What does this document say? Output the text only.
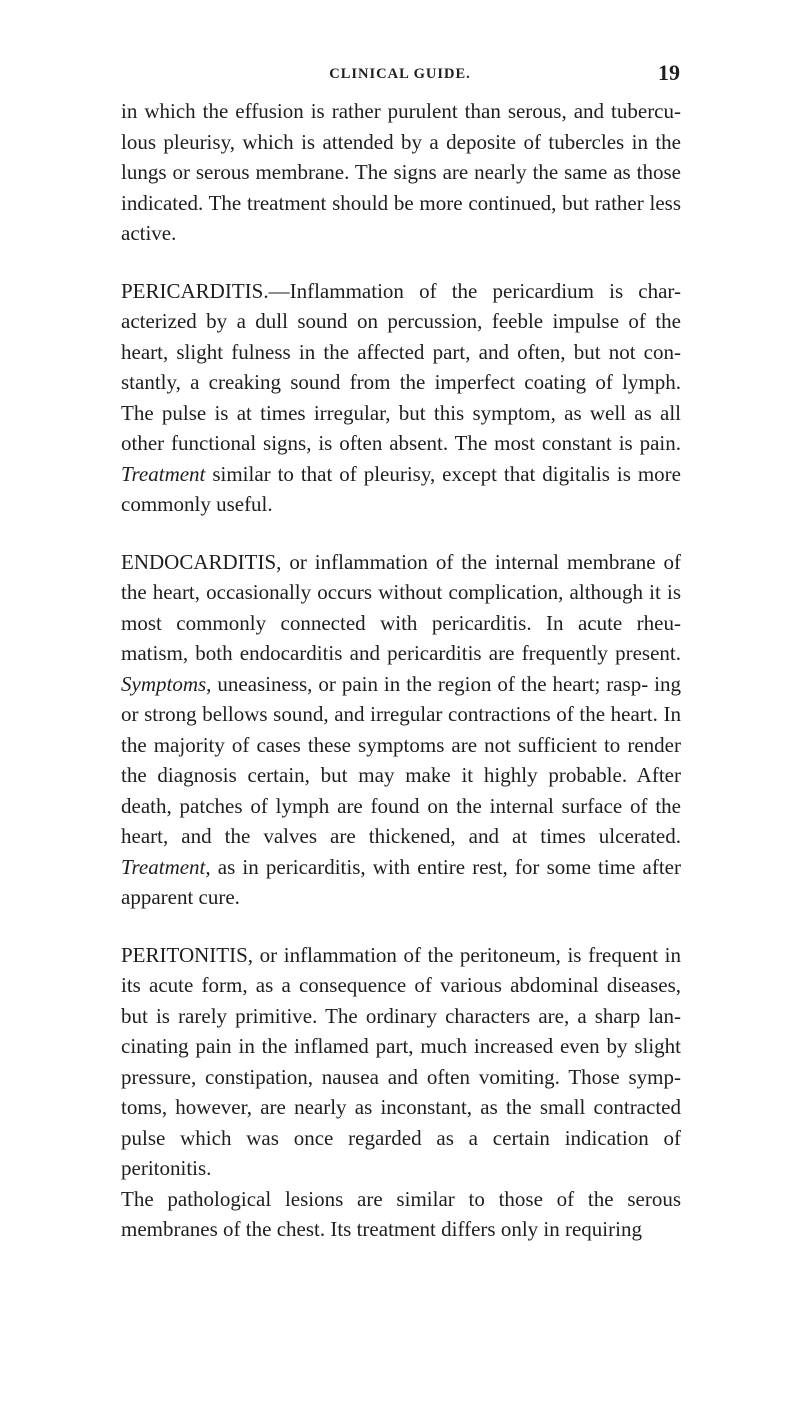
CLINICAL GUIDE.	19

in which the effusion is rather purulent than serous, and tubercu- lous pleurisy, which is attended by a deposite of tubercles in the lungs or serous membrane. The signs are nearly the same as those indicated. The treatment should be more continued, but rather less active.

PERICARDITIS.—Inflammation of the pericardium is char- acterized by a dull sound on percussion, feeble impulse of the heart, slight fulness in the affected part, and often, but not con- stantly, a creaking sound from the imperfect coating of lymph. The pulse is at times irregular, but this symptom, as well as all other functional signs, is often absent. The most constant is pain. Treatment similar to that of pleurisy, except that digitalis is more commonly useful.

ENDOCARDITIS, or inflammation of the internal membrane of the heart, occasionally occurs without complication, although it is most commonly connected with pericarditis. In acute rheu- matism, both endocarditis and pericarditis are frequently present. Symptoms, uneasiness, or pain in the region of the heart; rasp- ing or strong bellows sound, and irregular contractions of the heart. In the majority of cases these symptoms are not sufficient to render the diagnosis certain, but may make it highly probable. After death, patches of lymph are found on the internal surface of the heart, and the valves are thickened, and at times ulcerated. Treatment, as in pericarditis, with entire rest, for some time after apparent cure.

PERITONITIS, or inflammation of the peritoneum, is frequent in its acute form, as a consequence of various abdominal diseases, but is rarely primitive. The ordinary characters are, a sharp lan- cinating pain in the inflamed part, much increased even by slight pressure, constipation, nausea and often vomiting. Those symp- toms, however, are nearly as inconstant, as the small contracted pulse which was once regarded as a certain indication of peritonitis.

The pathological lesions are similar to those of the serous membranes of the chest. Its treatment differs only in requiring
